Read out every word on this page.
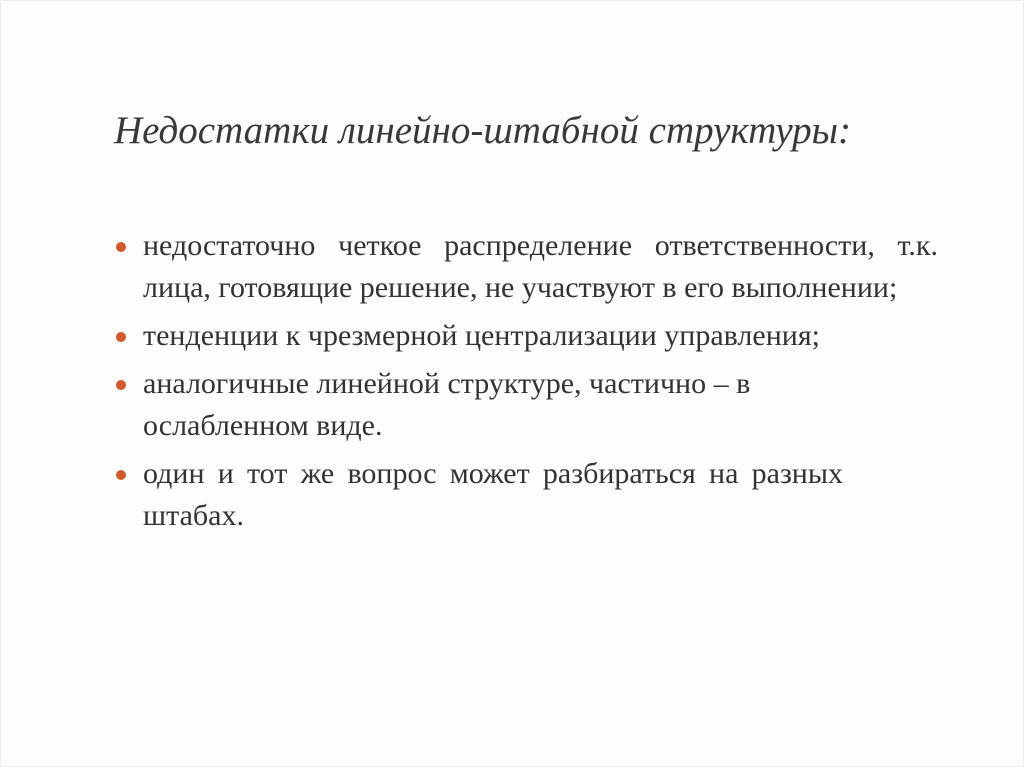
Недостатки линейно-штабной структуры:
недостаточно четкое распределение ответственности, т.к. лица, готовящие решение, не участвуют в его выполнении;
тенденции к чрезмерной централизации управления;
аналогичные линейной структуре, частично – в ослабленном виде.
один и тот же вопрос может разбираться на разных штабах.
